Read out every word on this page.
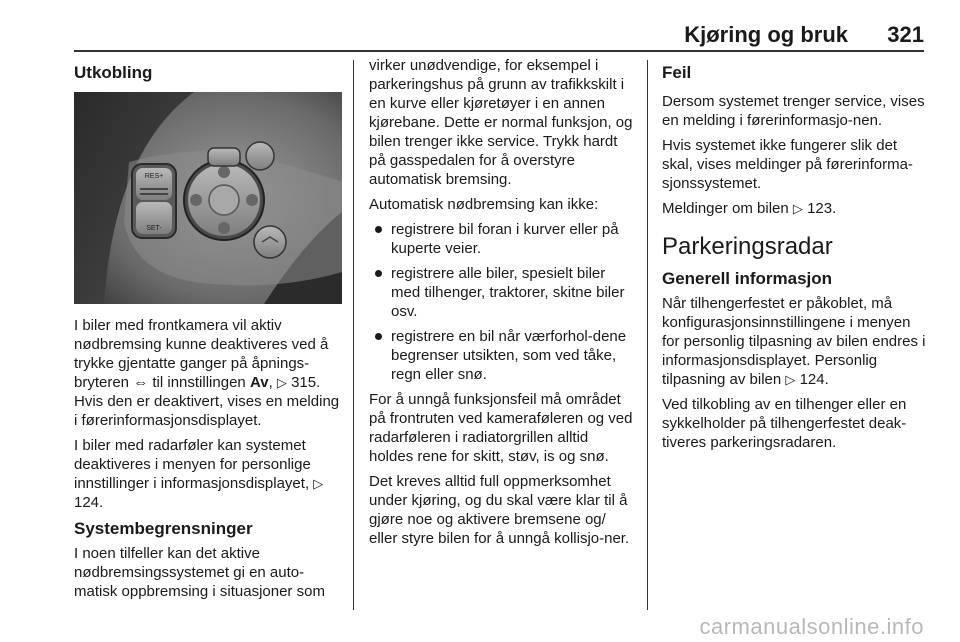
Kjøring og bruk 321
Utkobling
RES+
SET-

I biler med frontkamera vil aktiv nødbremsing kunne deaktiveres ved å trykke gjentatte ganger på åpnings-bryteren ⇔ til innstillingen Av, ▷ 315. Hvis den er deaktivert, vises en melding i førerinformasjonsdisplayet.

I biler med radarføler kan systemet deaktiveres i menyen for personlige innstillinger i informasjonsdisplayet, ▷ 124.

Systembegrensninger

I noen tilfeller kan det aktive nødbremsingssystemet gi en auto-matisk oppbremsing i situasjoner som

virker unødvendige, for eksempel i parkeringshus på grunn av trafikkskilt i en kurve eller kjøretøyer i en annen kjørebane. Dette er normal funksjon, og bilen trenger ikke service. Trykk hardt på gasspedalen for å overstyre automatisk bremsing.

Automatisk nødbremsing kan ikke:

registrere bil foran i kurver eller på kuperte veier.
registrere alle biler, spesielt biler med tilhenger, traktorer, skitne biler osv.
registrere en bil når værforhol-dene begrenser utsikten, som ved tåke, regn eller snø.

For å unngå funksjonsfeil må området på frontruten ved kameraføleren og ved radarføleren i radiatorgrillen alltid holdes rene for skitt, støv, is og snø.

Det kreves alltid full oppmerksomhet under kjøring, og du skal være klar til å gjøre noe og aktivere bremsene og/ eller styre bilen for å unngå kollisjo-ner.

Feil

Dersom systemet trenger service, vises en melding i førerinformasjo-nen.

Hvis systemet ikke fungerer slik det skal, vises meldinger på førerinforma-sjonssystemet.

Meldinger om bilen ▷ 123.

Parkeringsradar
Generell informasjon

Når tilhengerfestet er påkoblet, må konfigurasjonsinnstillingene i menyen for personlig tilpasning av bilen endres i informasjonsdisplayet. Personlig tilpasning av bilen ▷ 124.

Ved tilkobling av en tilhenger eller en sykkelholder på tilhengerfestet deak-tiveres parkeringsradaren.

carmanualsonline.info
